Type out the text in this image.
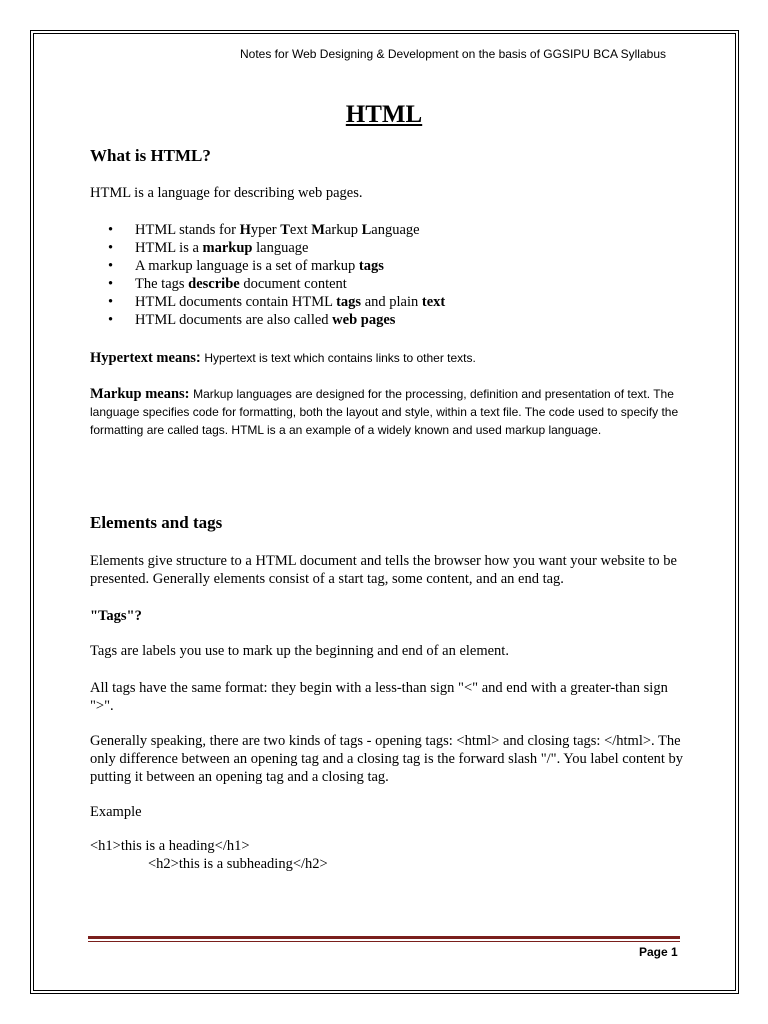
Notes for Web Designing & Development on the basis of GGSIPU BCA Syllabus
HTML
What is HTML?
HTML is a language for describing web pages.
• HTML stands for Hyper Text Markup Language
• HTML is a markup language
• A markup language is a set of markup tags
• The tags describe document content
• HTML documents contain HTML tags and plain text
• HTML documents are also called web pages
Hypertext means: Hypertext is text which contains links to other texts.
Markup means: Markup languages are designed for the processing, definition and presentation of text. The language specifies code for formatting, both the layout and style, within a text file. The code used to specify the formatting are called tags. HTML is a an example of a widely known and used markup language.
Elements and tags
Elements give structure to a HTML document and tells the browser how you want your website to be presented. Generally elements consist of a start tag, some content, and an end tag.
"Tags"?
Tags are labels you use to mark up the beginning and end of an element.
All tags have the same format: they begin with a less-than sign "<" and end with a greater-than sign ">".
Generally speaking, there are two kinds of tags - opening tags: <html> and closing tags: </html>. The only difference between an opening tag and a closing tag is the forward slash "/". You label content by putting it between an opening tag and a closing tag.
Example
<h1>this is a heading</h1>
<h2>this is a subheading</h2>
Page 1
